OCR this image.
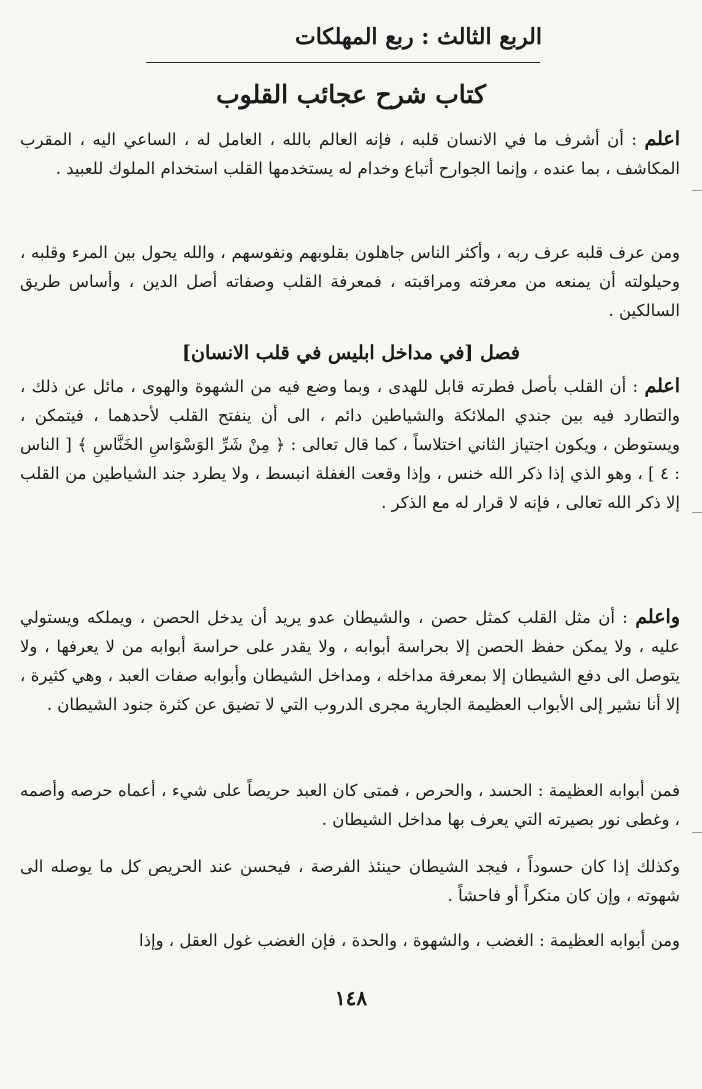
الربع الثالث : ربع المهلكات
كتاب شرح عجائب القلوب

اعلم : أن أشرف ما في الانسان قلبه ، فإنه العالم بالله ، العامل له ، الساعي اليه ، المقرب المكاشف ، بما عنده ، وإنما الجوارح أتباع وخدام له يستخدمها القلب استخدام الملوك للعبيد .

ومن عرف قلبه عرف ربه ، وأكثر الناس جاهلون بقلوبهم ونفوسهم ، والله يحول بين المرء وقلبه ، وحيلولته أن يمنعه من معرفته ومراقبته ، فمعرفة القلب وصفاته أصل الدين ، وأساس طريق السالكين .

فصل [في مداخل ابليس في قلب الانسان]

اعلم : أن القلب بأصل فطرته قابل للهدى ، وبما وضع فيه من الشهوة والهوى ، مائل عن ذلك ، والتطارد فيه بين جندي الملائكة والشياطين دائم ، الى أن ينفتح القلب لأحدهما ، فيتمكن ، ويستوطن ، ويكون اجتياز الثاني اختلاساً ، كما قال تعالى : ﴿ مِنْ شَرِّ الوَسْوَاسِ الخَنَّاسِ ﴾ [ الناس : ٤ ] ، وهو الذي إذا ذكر الله خنس ، وإذا وقعت الغفلة انبسط ، ولا يطرد جند الشياطين من القلب إلا ذكر الله تعالى ، فإنه لا قرار له مع الذكر .

واعلم : أن مثل القلب كمثل حصن ، والشيطان عدو يريد أن يدخل الحصن ، ويملكه ويستولي عليه ، ولا يمكن حفظ الحصن إلا بحراسة أبوابه ، ولا يقدر على حراسة أبوابه من لا يعرفها ، ولا يتوصل الى دفع الشيطان إلا بمعرفة مداخله ، ومداخل الشيطان وأبوابه صفات العبد ، وهي كثيرة ، إلا أنا نشير إلى الأبواب العظيمة الجارية مجرى الدروب التي لا تضيق عن كثرة جنود الشيطان .

فمن أبوابه العظيمة : الحسد ، والحرص ، فمتى كان العبد حريصاً على شيء ، أعماه حرصه وأصمه ، وغطى نور بصيرته التي يعرف بها مداخل الشيطان .

وكذلك إذا كان حسوداً ، فيجد الشيطان حينئذ الفرصة ، فيحسن عند الحريص كل ما يوصله الى شهوته ، وإن كان منكراً أو فاحشاً .

ومن أبوابه العظيمة : الغضب ، والشهوة ، والحدة ، فإن الغضب غول العقل ، وإذا

١٤٨
